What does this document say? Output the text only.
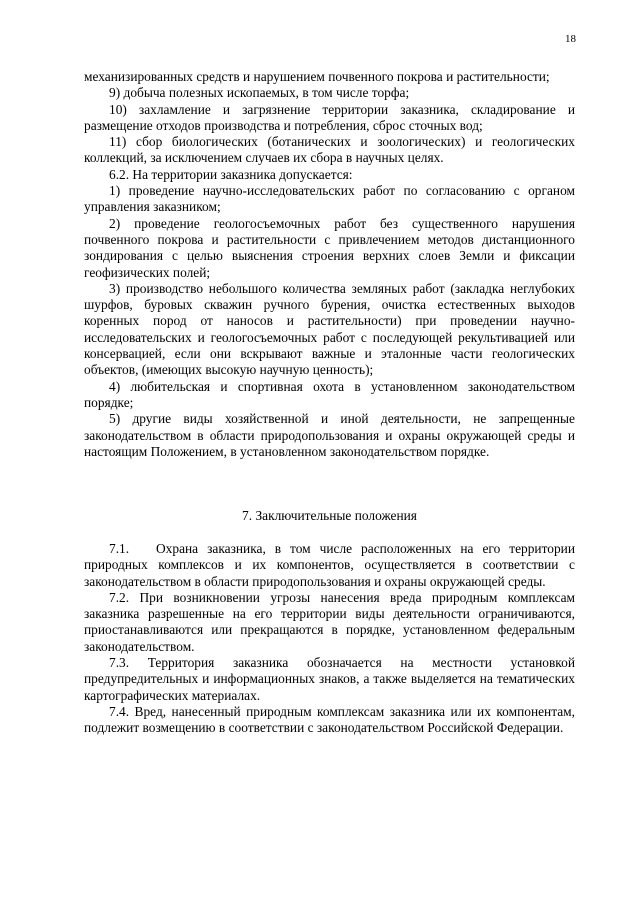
18

механизированных средств и нарушением почвенного покрова и растительности;

9) добыча полезных ископаемых, в том числе торфа;

10) захламление и загрязнение территории заказника, складирование и размещение отходов производства и потребления, сброс сточных вод;

11) сбор биологических (ботанических и зоологических) и геологических коллекций, за исключением случаев их сбора в научных целях.

6.2. На территории заказника допускается:

1) проведение научно-исследовательских работ по согласованию с органом управления заказником;

2) проведение геологосъемочных работ без существенного нарушения почвенного покрова и растительности с привлечением методов дистанционного зондирования с целью выяснения строения верхних слоев Земли и фиксации геофизических полей;

3) производство небольшого количества земляных работ (закладка неглубоких шурфов, буровых скважин ручного бурения, очистка естественных выходов коренных пород от наносов и растительности) при проведении научно-исследовательских и геологосъемочных работ с последующей рекультивацией или консервацией, если они вскрывают важные и эталонные части геологических объектов, (имеющих высокую научную ценность);

4) любительская и спортивная охота в установленном законодательством порядке;

5) другие виды хозяйственной и иной деятельности, не запрещенные законодательством в области природопользования и охраны окружающей среды и настоящим Положением, в установленном законодательством порядке.

7. Заключительные положения

7.1.   Охрана заказника, в том числе расположенных на его территории природных комплексов и их компонентов, осуществляется в соответствии с законодательством в области природопользования и охраны окружающей среды.

7.2. При возникновении угрозы нанесения вреда природным комплексам заказника разрешенные на его территории виды деятельности ограничиваются, приостанавливаются или прекращаются в порядке, установленном федеральным законодательством.

7.3. Территория заказника обозначается на местности установкой предупредительных и информационных знаков, а также выделяется на тематических картографических материалах.

7.4. Вред, нанесенный природным комплексам заказника или их компонентам, подлежит возмещению в соответствии с законодательством Российской Федерации.
